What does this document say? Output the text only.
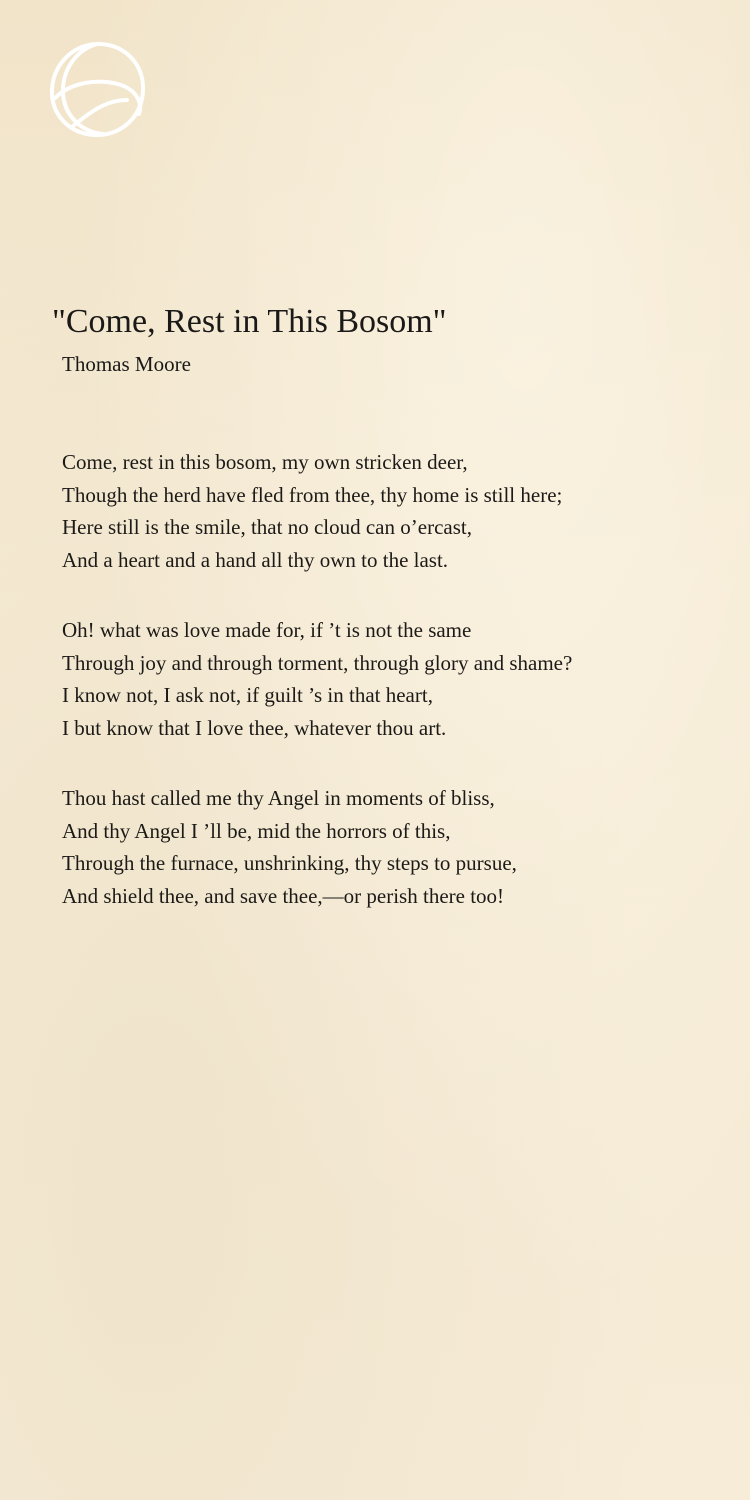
"Come, Rest in This Bosom"
Thomas Moore
Come, rest in this bosom, my own stricken deer,
Though the herd have fled from thee, thy home is still here;
Here still is the smile, that no cloud can o’ercast,
And a heart and a hand all thy own to the last.
Oh! what was love made for, if ’t is not the same
Through joy and through torment, through glory and shame?
I know not, I ask not, if guilt ’s in that heart,
I but know that I love thee, whatever thou art.
Thou hast called me thy Angel in moments of bliss,
And thy Angel I ’ll be, mid the horrors of this,
Through the furnace, unshrinking, thy steps to pursue,
And shield thee, and save thee,—or perish there too!
